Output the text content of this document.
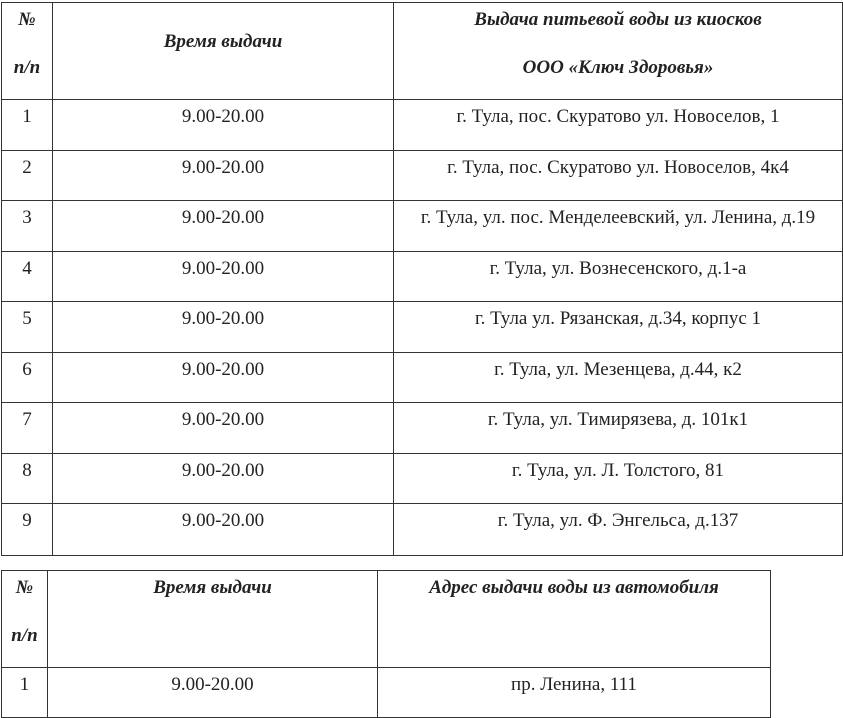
№
п/п	Время выдачи	Выдача питьевой воды из киосков
ООО «Ключ Здоровья»

1	9.00-20.00	г. Тула, пос. Скуратово ул. Новоселов, 1

2	9.00-20.00	г. Тула, пос. Скуратово ул. Новоселов, 4к4

3	9.00-20.00	г. Тула, ул. пос. Менделеевский, ул. Ленина, д.19

4	9.00-20.00	г. Тула, ул. Вознесенского, д.1-а

5	9.00-20.00	г. Тула ул. Рязанская, д.34, корпус 1

6	9.00-20.00	г. Тула, ул. Мезенцева, д.44, к2

7	9.00-20.00	г. Тула, ул. Тимирязева, д. 101к1

8	9.00-20.00	г. Тула, ул. Л. Толстого, 81

9	9.00-20.00	г. Тула, ул. Ф. Энгельса, д.137
№
п/п	Время выдачи	Адрес выдачи воды из автомобиля

1	9.00-20.00	пр. Ленина, 111
